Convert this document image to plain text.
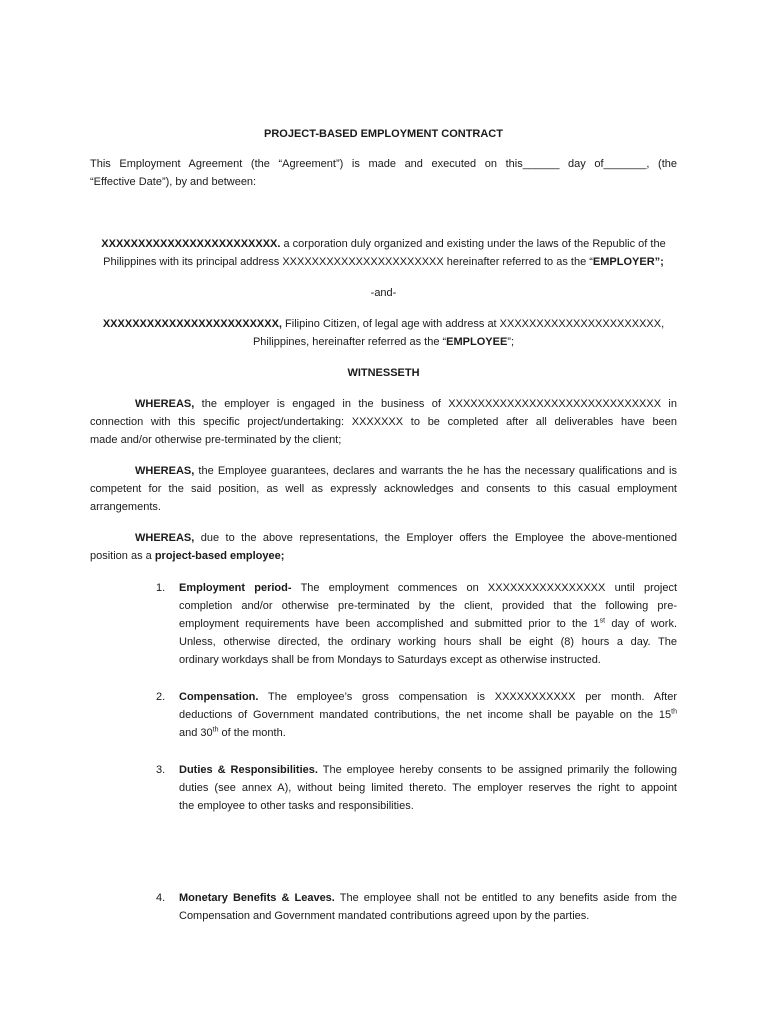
PROJECT-BASED EMPLOYMENT CONTRACT

This Employment Agreement (the “Agreement”) is made and executed on this______ day of_______, (the

“Effective Date”), by and between:

XXXXXXXXXXXXXXXXXXXXXXXX. a corporation duly organized and existing under the laws of the Republic of the

Philippines with its principal address XXXXXXXXXXXXXXXXXXXXXX hereinafter referred to as the “EMPLOYER”;

-and-

XXXXXXXXXXXXXXXXXXXXXXXX, Filipino Citizen, of legal age with address at XXXXXXXXXXXXXXXXXXXXXX,

Philippines, hereinafter referred as the “EMPLOYEE”;

WITNESSETH

WHEREAS, the employer is engaged in the business of XXXXXXXXXXXXXXXXXXXXXXXXXXXXX in

connection with this specific project/undertaking: XXXXXXX to be completed after all deliverables have been

made and/or otherwise pre-terminated by the client;

WHEREAS, the Employee guarantees, declares and warrants the he has the necessary qualifications and is

competent for the said position, as well as expressly acknowledges and consents to this casual employment

arrangements.

WHEREAS, due to the above representations, the Employer offers the Employee the above-mentioned

position as a project-based employee;

1. Employment period- The employment commences on XXXXXXXXXXXXXXXX until project
completion and/or otherwise pre-terminated by the client, provided that the following pre-
employment requirements have been accomplished and submitted prior to the 1st day of work.
Unless, otherwise directed, the ordinary working hours shall be eight (8) hours a day. The
ordinary workdays shall be from Mondays to Saturdays except as otherwise instructed.
2. Compensation. The employee’s gross compensation is XXXXXXXXXXX per month. After
deductions of Government mandated contributions, the net income shall be payable on the 15th
and 30th of the month.
3. Duties & Responsibilities. The employee hereby consents to be assigned primarily the following
duties (see annex A), without being limited thereto. The employer reserves the right to appoint
the employee to other tasks and responsibilities.
4. Monetary Benefits & Leaves. The employee shall not be entitled to any benefits aside from the
Compensation and Government mandated contributions agreed upon by the parties.
